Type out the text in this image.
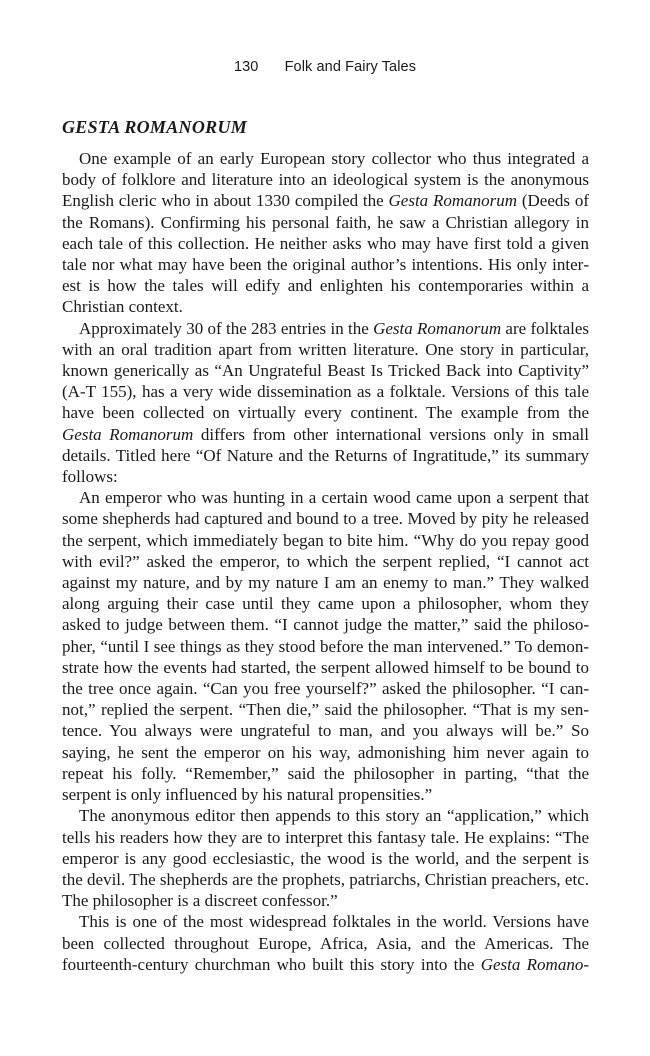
130 Folk and Fairy Tales
GESTA ROMANORUM

One example of an early European story collector who thus integrated a body of folklore and literature into an ideological system is the anonymous English cleric who in about 1330 compiled the Gesta Romanorum (Deeds of the Romans). Confirming his personal faith, he saw a Christian allegory in each tale of this collection. He neither asks who may have first told a given tale nor what may have been the original author’s intentions. His only interest is how the tales will edify and enlighten his contemporaries within a Christian context.

Approximately 30 of the 283 entries in the Gesta Romanorum are folktales with an oral tradition apart from written literature. One story in particular, known generically as “An Ungrateful Beast Is Tricked Back into Captivity” (A-T 155), has a very wide dissemination as a folktale. Versions of this tale have been collected on virtually every continent. The example from the Gesta Romanorum differs from other international versions only in small details. Titled here “Of Nature and the Returns of Ingratitude,” its summary follows:

An emperor who was hunting in a certain wood came upon a serpent that some shepherds had captured and bound to a tree. Moved by pity he released the serpent, which immediately began to bite him. “Why do you repay good with evil?” asked the emperor, to which the serpent replied, “I cannot act against my nature, and by my nature I am an enemy to man.” They walked along arguing their case until they came upon a philosopher, whom they asked to judge between them. “I cannot judge the matter,” said the philosopher, “until I see things as they stood before the man intervened.” To demonstrate how the events had started, the serpent allowed himself to be bound to the tree once again. “Can you free yourself?” asked the philosopher. “I cannot,” replied the serpent. “Then die,” said the philosopher. “That is my sentence. You always were ungrateful to man, and you always will be.” So saying, he sent the emperor on his way, admonishing him never again to repeat his folly. “Remember,” said the philosopher in parting, “that the serpent is only influenced by his natural propensities.”

The anonymous editor then appends to this story an “application,” which tells his readers how they are to interpret this fantasy tale. He explains: “The emperor is any good ecclesiastic, the wood is the world, and the serpent is the devil. The shepherds are the prophets, patriarchs, Christian preachers, etc. The philosopher is a discreet confessor.”

This is one of the most widespread folktales in the world. Versions have been collected throughout Europe, Africa, Asia, and the Americas. The fourteenth-century churchman who built this story into the Gesta Romano-
